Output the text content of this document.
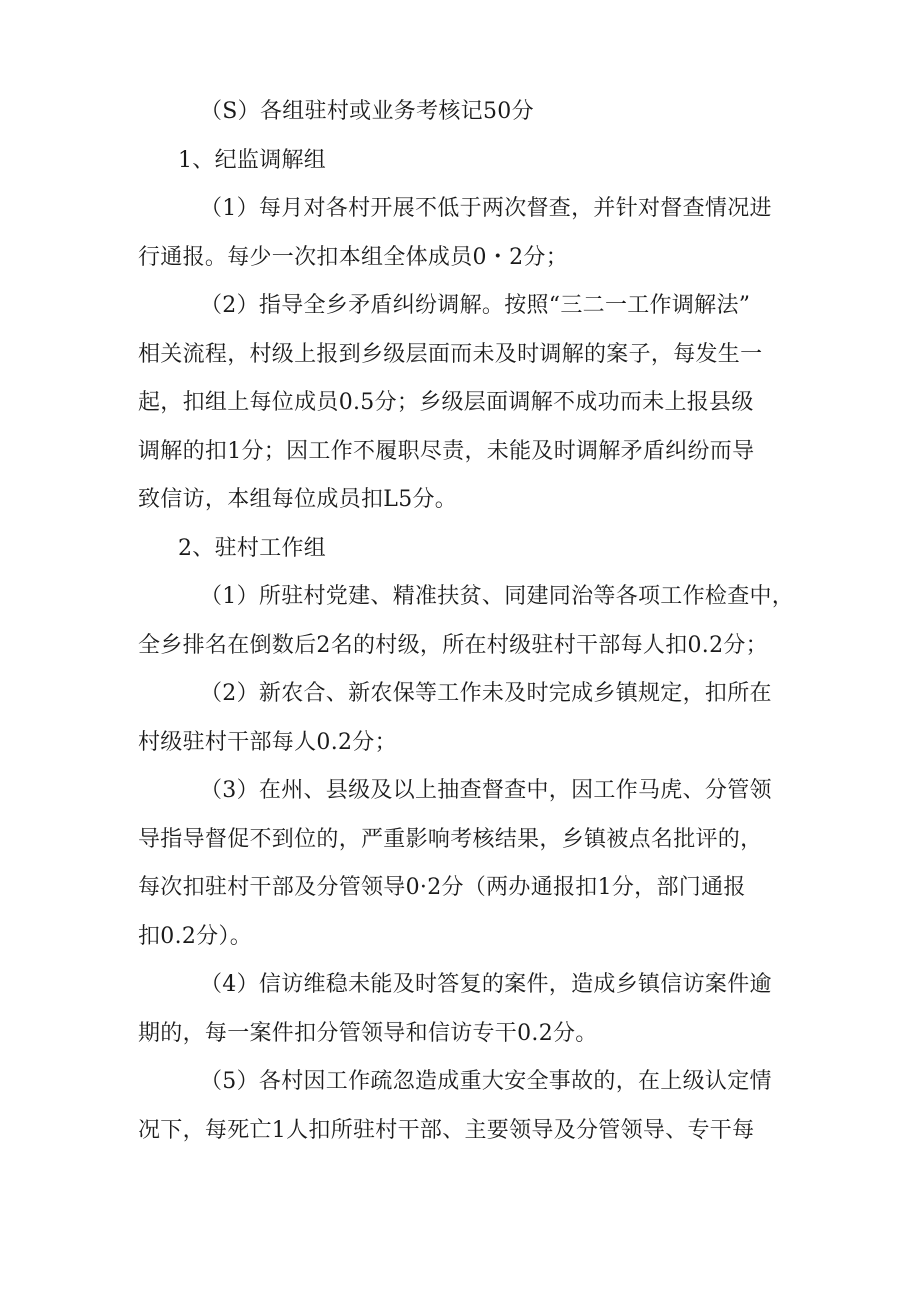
（S）各组驻村或业务考核记50分
1、纪监调解组
（1）每月对各村开展不低于两次督查，并针对督查情况进
行通报。每少一次扣本组全体成员0・2分；
（2）指导全乡矛盾纠纷调解。按照“三二一工作调解法”
相关流程，村级上报到乡级层面而未及时调解的案子，每发生一
起，扣组上每位成员0.5分；乡级层面调解不成功而未上报县级
调解的扣1分；因工作不履职尽责，未能及时调解矛盾纠纷而导
致信访，本组每位成员扣L5分。
2、驻村工作组
（1）所驻村党建、精准扶贫、同建同治等各项工作检查中，
全乡排名在倒数后2名的村级，所在村级驻村干部每人扣0.2分；
（2）新农合、新农保等工作未及时完成乡镇规定，扣所在
村级驻村干部每人0.2分；
（3）在州、县级及以上抽查督查中，因工作马虎、分管领
导指导督促不到位的，严重影响考核结果，乡镇被点名批评的，
每次扣驻村干部及分管领导0·2分（两办通报扣1分，部门通报
扣0.2分）。
（4）信访维稳未能及时答复的案件，造成乡镇信访案件逾
期的，每一案件扣分管领导和信访专干0.2分。
（5）各村因工作疏忽造成重大安全事故的，在上级认定情
况下，每死亡1人扣所驻村干部、主要领导及分管领导、专干每
